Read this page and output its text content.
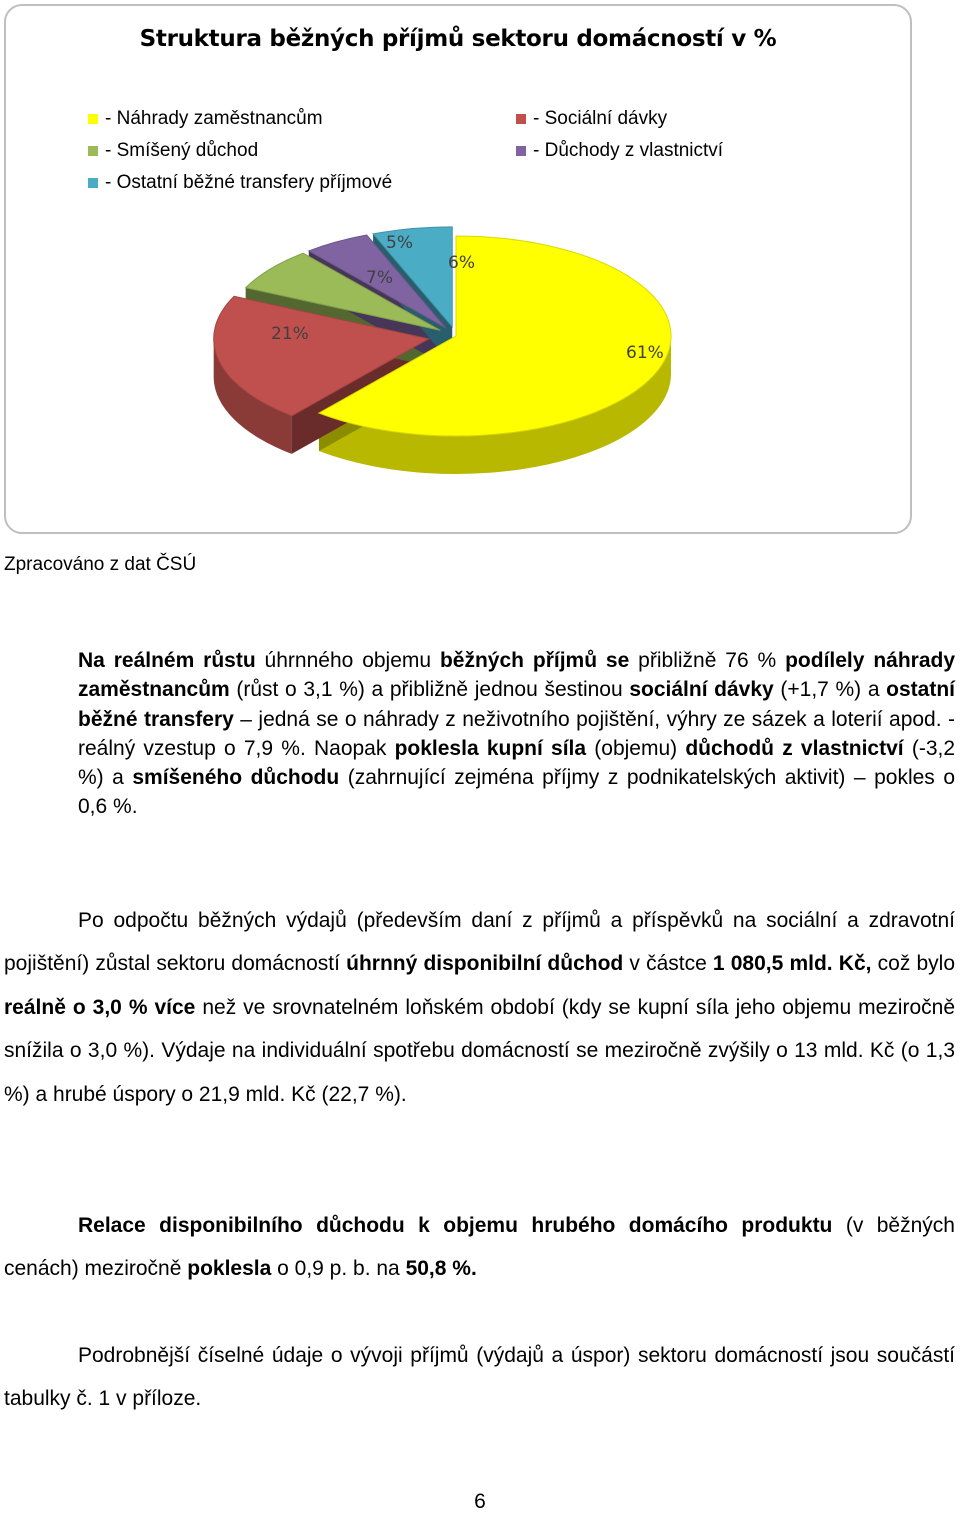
Struktura běžných příjmů sektoru domácností v %
- Náhrady zaměstnancům
- Smíšený důchod
- Ostatní běžné transfery příjmové
- Sociální dávky
- Důchody z vlastnictví
61%
21%
7%
5%
6%
Zpracováno z dat ČSÚ

Na reálném růstu úhrnného objemu běžných příjmů se přibližně 76 % podílely náhrady zaměstnancům (růst o 3,1 %) a přibližně jednou šestinou sociální dávky (+1,7 %) a ostatní běžné transfery – jedná se o náhrady z neživotního pojištění, výhry ze sázek a loterií apod. - reálný vzestup o 7,9 %. Naopak poklesla kupní síla (objemu) důchodů z vlastnictví (-3,2 %) a smíšeného důchodu (zahrnující zejména příjmy z podnikatelských aktivit) – pokles o 0,6 %.

Po odpočtu běžných výdajů (především daní z příjmů a příspěvků na sociální a zdravotní pojištění) zůstal sektoru domácností úhrnný disponibilní důchod v částce 1 080,5 mld. Kč, což bylo reálně o 3,0 % více než ve srovnatelném loňském období (kdy se kupní síla jeho objemu meziročně snížila o 3,0 %). Výdaje na individuální spotřebu domácností se meziročně zvýšily o 13 mld. Kč (o 1,3 %) a hrubé úspory o 21,9 mld. Kč (22,7 %).

Relace disponibilního důchodu k objemu hrubého domácího produktu (v běžných cenách) meziročně poklesla o 0,9 p. b. na 50,8 %.

Podrobnější číselné údaje o vývoji příjmů (výdajů a úspor) sektoru domácností jsou součástí tabulky č. 1 v příloze.

6
